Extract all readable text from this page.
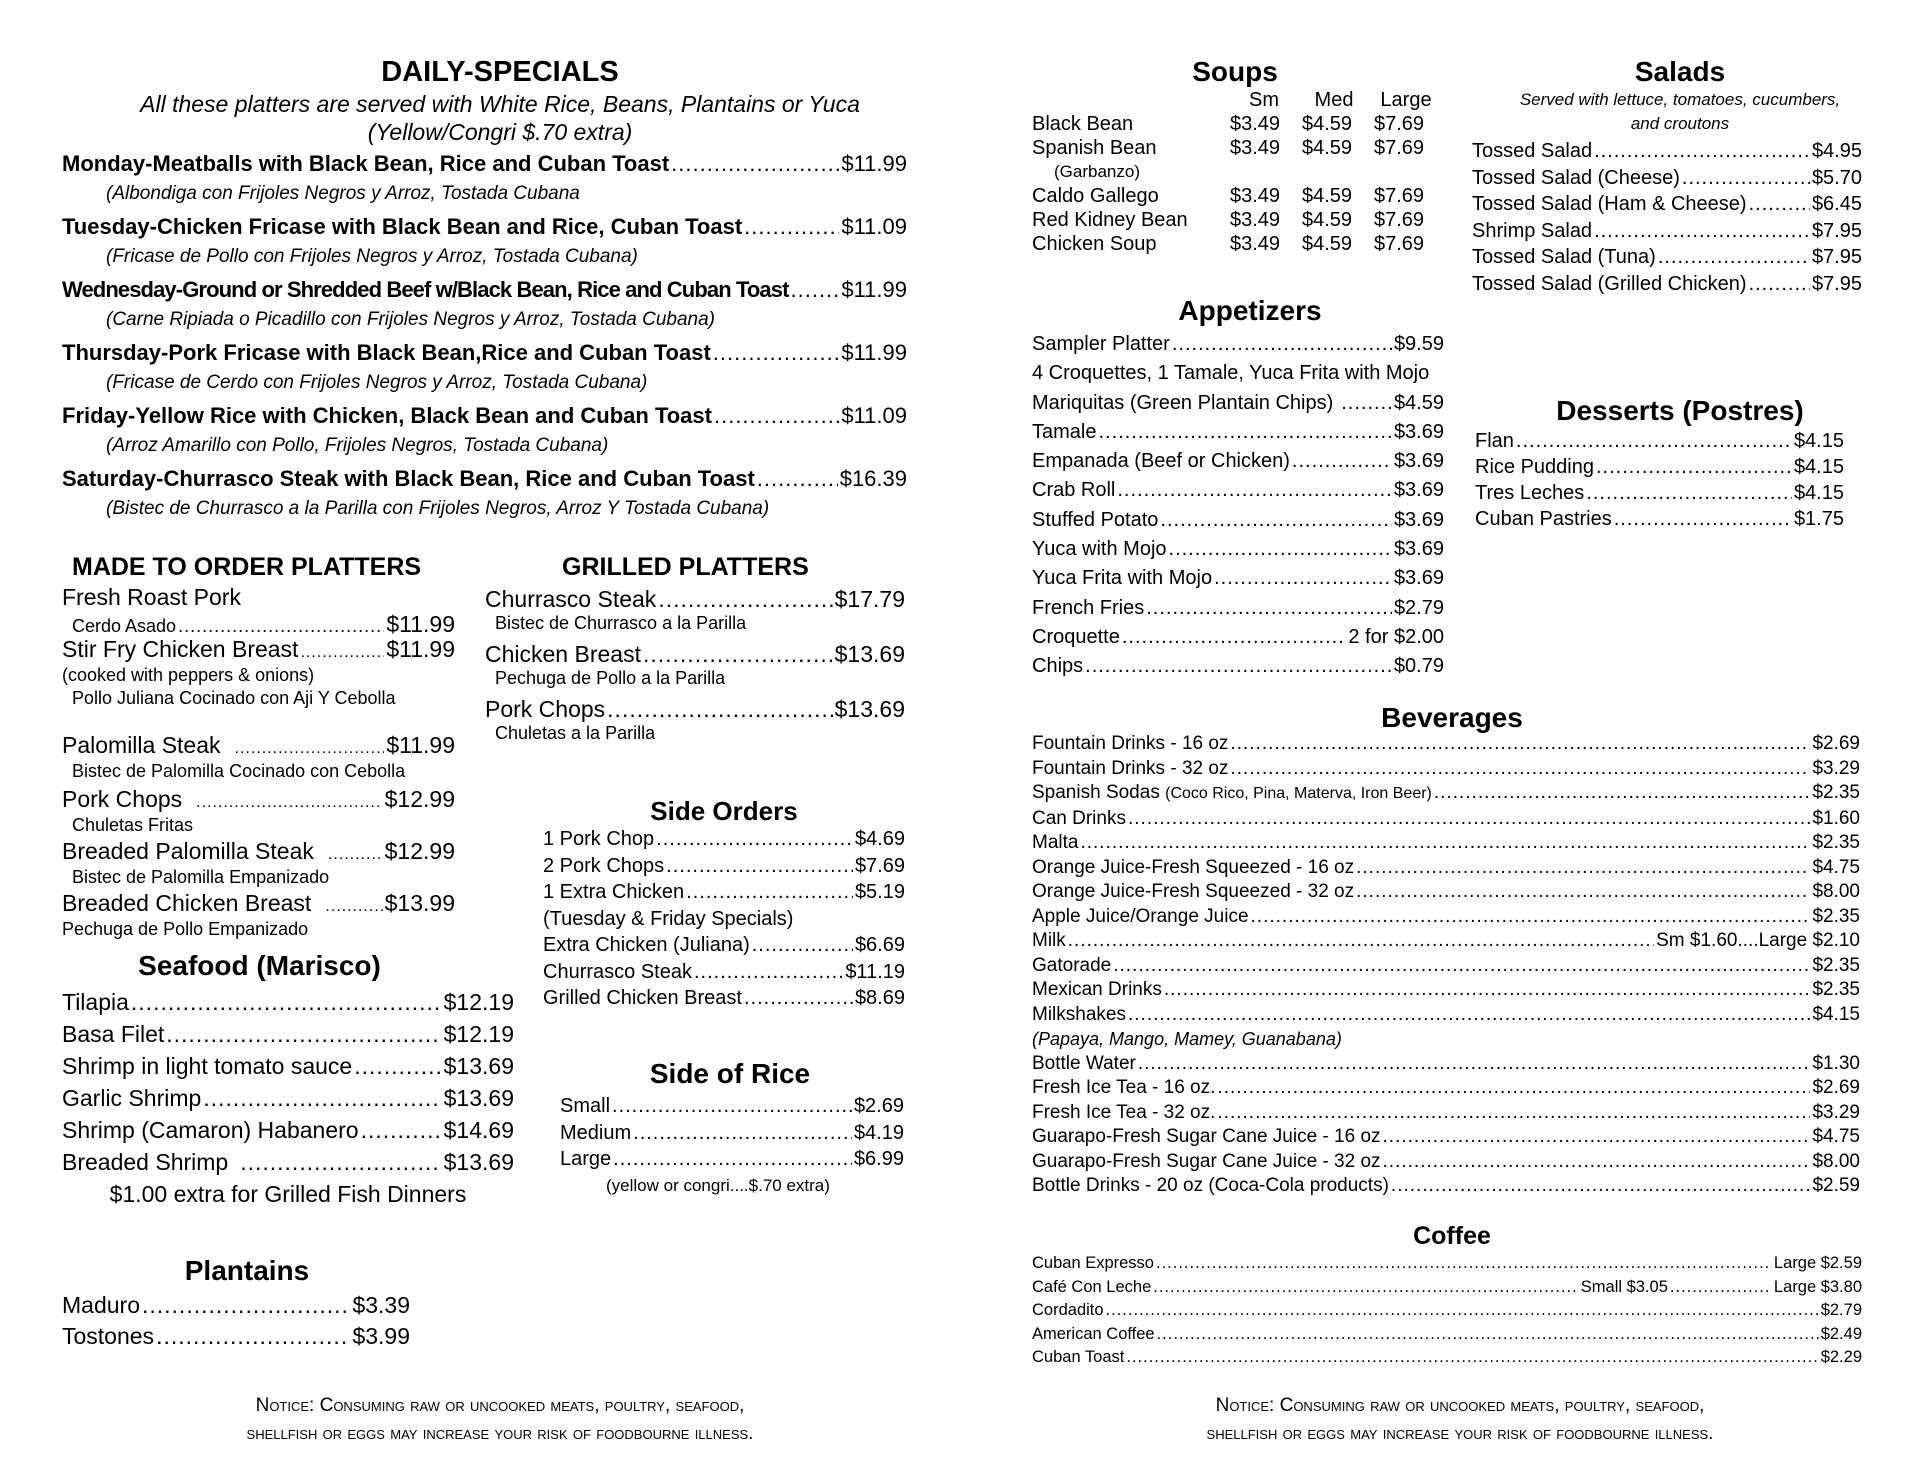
DAILY-SPECIALS
All these platters are served with White Rice, Beans, Plantains or Yuca
(Yellow/Congri $.70 extra)
Monday-Meatballs with Black Bean, Rice and Cuban Toast .....	$11.99
(Albondiga con Frijoles Negros y Arroz, Tostada Cubana
Tuesday-Chicken Fricase with Black Bean and Rice, Cuban Toast .....	$11.09
(Fricase de Pollo con Frijoles Negros y Arroz, Tostada Cubana)
Wednesday-Ground or Shredded Beef w/Black Bean, Rice and Cuban Toast ..... $11.99
(Carne Ripiada o Picadillo con Frijoles Negros y Arroz, Tostada Cubana)
Thursday-Pork Fricase with Black Bean,Rice and Cuban Toast .....	$11.99
(Fricase de Cerdo con Frijoles Negros y Arroz, Tostada Cubana)
Friday-Yellow Rice with Chicken, Black Bean and Cuban Toast .....	$11.09
(Arroz Amarillo con Pollo, Frijoles Negros, Tostada Cubana)
Saturday-Churrasco Steak with Black Bean, Rice and Cuban Toast .....	$16.39
(Bistec de Churrasco a la Parilla con Frijoles Negros, Arroz Y Tostada Cubana)
MADE TO ORDER PLATTERS
Fresh Roast Pork
Cerdo Asado .....	$11.99
Stir Fry Chicken Breast .....	$11.99
(cooked with peppers & onions)
Pollo Juliana Cocinado con Aji Y Cebolla
Palomilla Steak .....	$11.99
Bistec de Palomilla Cocinado con Cebolla
Pork Chops .....	$12.99
Chuletas Fritas
Breaded Palomilla Steak .....	$12.99
Bistec de Palomilla Empanizado
Breaded Chicken Breast .....	$13.99
Pechuga de Pollo Empanizado
GRILLED PLATTERS
Churrasco Steak .....	$17.79
Bistec de Churrasco a la Parilla
Chicken Breast .....	$13.69
Pechuga de Pollo a la Parilla
Pork Chops .....	$13.69
Chuletas a la Parilla
Side Orders
1 Pork Chop .....	$4.69
2 Pork Chops .....	$7.69
1 Extra Chicken .....	$5.19
(Tuesday & Friday Specials)
Extra Chicken (Juliana) .....	$6.69
Churrasco Steak .....	$11.19
Grilled Chicken Breast .....	$8.69
Seafood (Marisco)
Tilapia .....	$12.19
Basa Filet .....	$12.19
Shrimp in light tomato sauce .....	$13.69
Garlic Shrimp .....	$13.69
Shrimp (Camaron) Habanero .....	$14.69
Breaded Shrimp .....	$13.69
$1.00 extra for Grilled Fish Dinners
Side of Rice
Small .....	$2.69
Medium .....	$4.19
Large .....	$6.99
(yellow or congri....$.70 extra)
Plantains
Maduro .....	$3.39
Tostones .....	$3.99
Notice: Consuming raw or uncooked meats, poultry, seafood,
shellfish or eggs may increase your risk of foodbourne illness.
Soups
Sm	Med	Large
Black Bean	$3.49	$4.59	$7.69
Spanish Bean	$3.49	$4.59	$7.69
(Garbanzo)
Caldo Gallego	$3.49	$4.59	$7.69
Red Kidney Bean	$3.49	$4.59	$7.69
Chicken Soup	$3.49	$4.59	$7.69
Salads
Served with lettuce, tomatoes, cucumbers,
and croutons
Tossed Salad .....	$4.95
Tossed Salad (Cheese) .....	$5.70
Tossed Salad (Ham & Cheese) .....	$6.45
Shrimp Salad .....	$7.95
Tossed Salad (Tuna) .....	$7.95
Tossed Salad (Grilled Chicken) .....	$7.95
Appetizers
Sampler Platter .....	$9.59
4 Croquettes, 1 Tamale, Yuca Frita with Mojo
Mariquitas (Green Plantain Chips) .....	$4.59
Tamale .....	$3.69
Empanada (Beef or Chicken) .....	$3.69
Crab Roll .....	$3.69
Stuffed Potato .....	$3.69
Yuca with Mojo .....	$3.69
Yuca Frita with Mojo .....	$3.69
French Fries .....	$2.79
Croquette .....	2 for $2.00
Chips .....	$0.79
Desserts (Postres)
Flan .....	$4.15
Rice Pudding .....	$4.15
Tres Leches .....	$4.15
Cuban Pastries .....	$1.75
Beverages
Fountain Drinks - 16 oz .....	$2.69
Fountain Drinks - 32 oz .....	$3.29
Spanish Sodas (Coco Rico, Pina, Materva, Iron Beer) .....	$2.35
Can Drinks .....	$1.60
Malta .....	$2.35
Orange Juice-Fresh Squeezed - 16 oz .....	$4.75
Orange Juice-Fresh Squeezed - 32 oz .....	$8.00
Apple Juice/Orange Juice .....	$2.35
Milk .....	Sm $1.60....Large $2.10
Gatorade .....	$2.35
Mexican Drinks .....	$2.35
Milkshakes .....	$4.15
(Papaya, Mango, Mamey, Guanabana)
Bottle Water .....	$1.30
Fresh Ice Tea - 16 oz. .....	$2.69
Fresh Ice Tea - 32 oz. .....	$3.29
Guarapo-Fresh Sugar Cane Juice - 16 oz .....	$4.75
Guarapo-Fresh Sugar Cane Juice - 32 oz .....	$8.00
Bottle Drinks - 20 oz (Coca-Cola products) .....	$2.59
Coffee
Cuban Expresso .....	Large $2.59
Café Con Leche .....	Small $3.05 .....	Large $3.80
Cordadito .....	$2.79
American Coffee .....	$2.49
Cuban Toast .....	$2.29
Notice: Consuming raw or uncooked meats, poultry, seafood,
shellfish or eggs may increase your risk of foodbourne illness.
